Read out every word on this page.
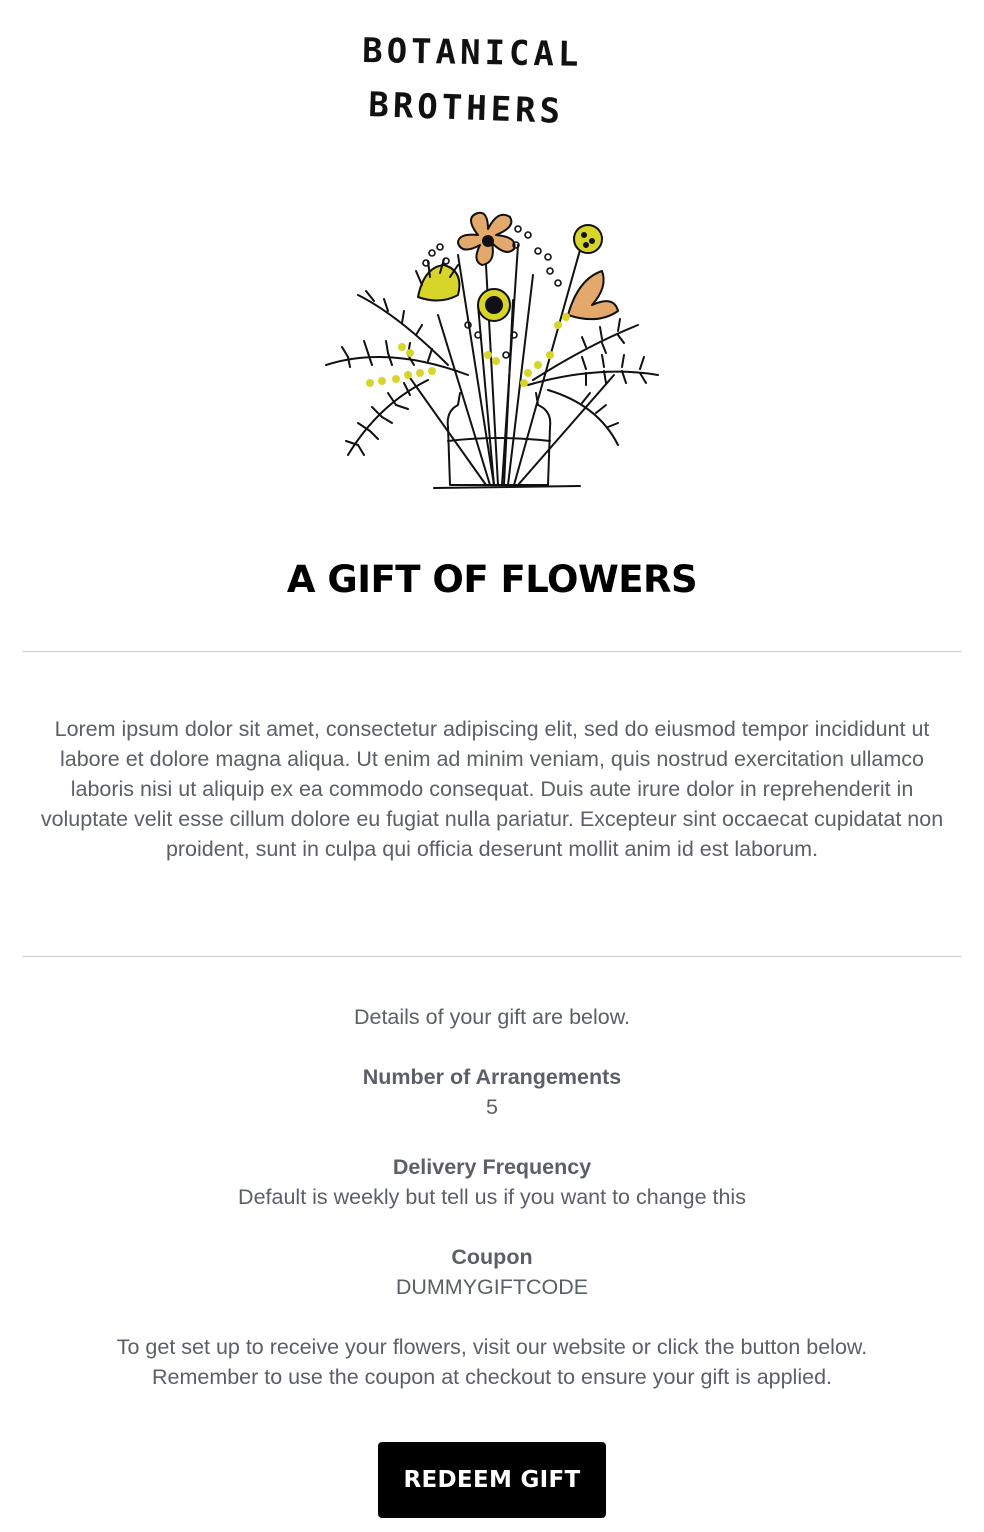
BOTANICAL
BROTHERS
A GIFT OF FLOWERS

Lorem ipsum dolor sit amet, consectetur adipiscing elit, sed do eiusmod tempor incididunt ut labore et dolore magna aliqua. Ut enim ad minim veniam, quis nostrud exercitation ullamco laboris nisi ut aliquip ex ea commodo consequat. Duis aute irure dolor in reprehenderit in voluptate velit esse cillum dolore eu fugiat nulla pariatur. Excepteur sint occaecat cupidatat non proident, sunt in culpa qui officia deserunt mollit anim id est laborum.

Details of your gift are below.

Number of Arrangements

5

Delivery Frequency

Default is weekly but tell us if you want to change this

Coupon

DUMMYGIFTCODE

To get set up to receive your flowers, visit our website or click the button below.

Remember to use the coupon at checkout to ensure your gift is applied.

REDEEM GIFT
